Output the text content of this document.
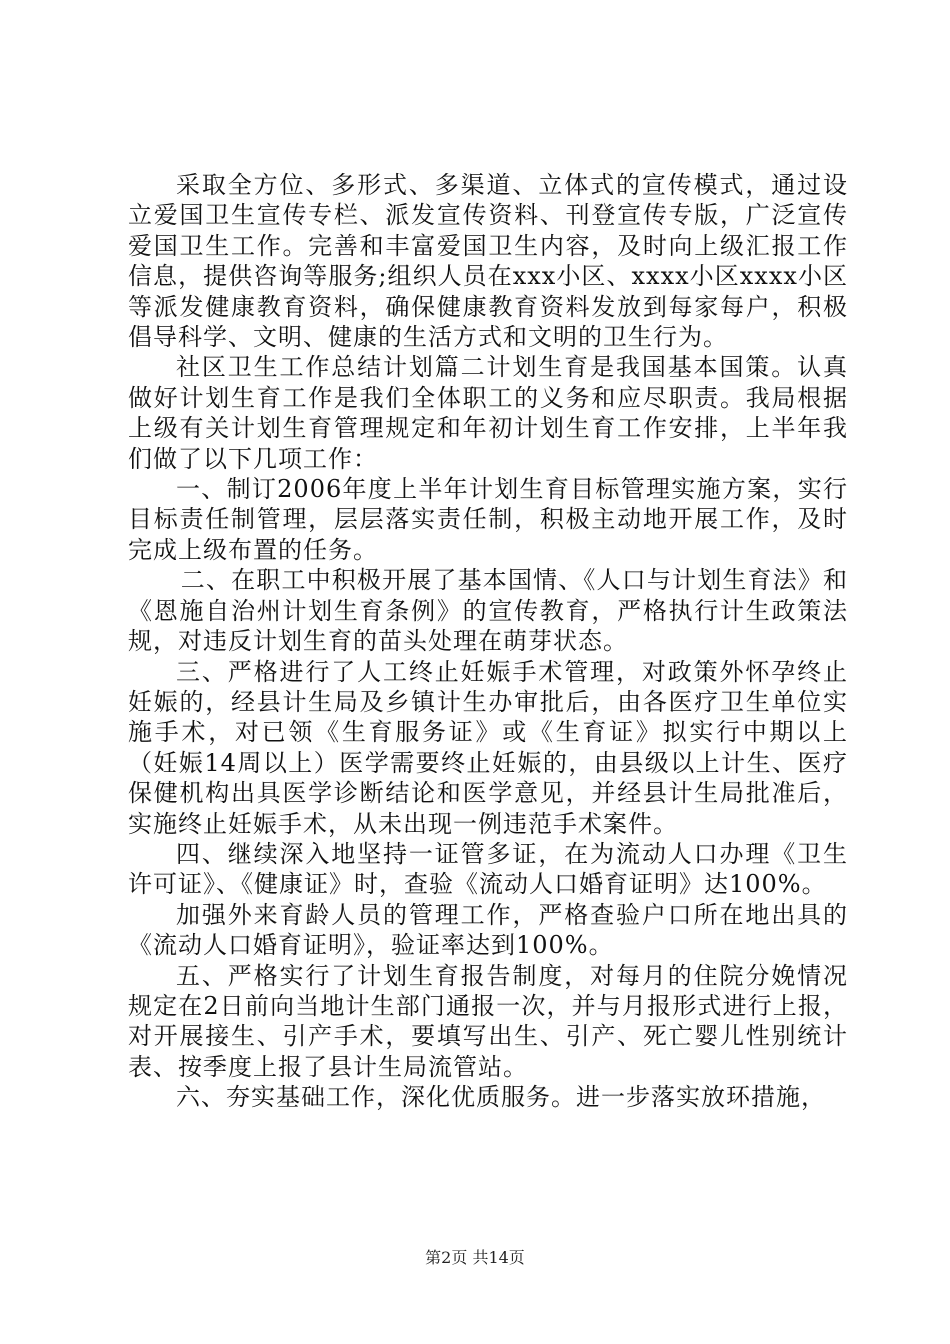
采取全方位、多形式、多渠道、立体式的宣传模式，通过设立爱国卫生宣传专栏、派发宣传资料、刊登宣传专版，广泛宣传爱国卫生工作。完善和丰富爱国卫生内容，及时向上级汇报工作信息，提供咨询等服务;组织人员在xxx小区、xxxx小区xxxx小区等派发健康教育资料，确保健康教育资料发放到每家每户，积极倡导科学、文明、健康的生活方式和文明的卫生行为。

社区卫生工作总结计划篇二计划生育是我国基本国策。认真做好计划生育工作是我们全体职工的义务和应尽职责。我局根据上级有关计划生育管理规定和年初计划生育工作安排，上半年我们做了以下几项工作：

一、制订2006年度上半年计划生育目标管理实施方案，实行目标责任制管理，层层落实责任制，积极主动地开展工作，及时完成上级布置的任务。

二、在职工中积极开展了基本国情、《人口与计划生育法》和《恩施自治州计划生育条例》的宣传教育，严格执行计生政策法规，对违反计划生育的苗头处理在萌芽状态。

三、严格进行了人工终止妊娠手术管理，对政策外怀孕终止妊娠的，经县计生局及乡镇计生办审批后，由各医疗卫生单位实施手术，对已领《生育服务证》或《生育证》拟实行中期以上（妊娠14周以上）医学需要终止妊娠的，由县级以上计生、医疗保健机构出具医学诊断结论和医学意见，并经县计生局批准后，实施终止妊娠手术，从未出现一例违范手术案件。

四、继续深入地坚持一证管多证，在为流动人口办理《卫生许可证》、《健康证》时，查验《流动人口婚育证明》达100%。

加强外来育龄人员的管理工作，严格查验户口所在地出具的《流动人口婚育证明》，验证率达到100%。

五、严格实行了计划生育报告制度，对每月的住院分娩情况规定在2日前向当地计生部门通报一次，并与月报形式进行上报，对开展接生、引产手术，要填写出生、引产、死亡婴儿性别统计表、按季度上报了县计生局流管站。

六、夯实基础工作，深化优质服务。进一步落实放环措施，

第2页 共14页
